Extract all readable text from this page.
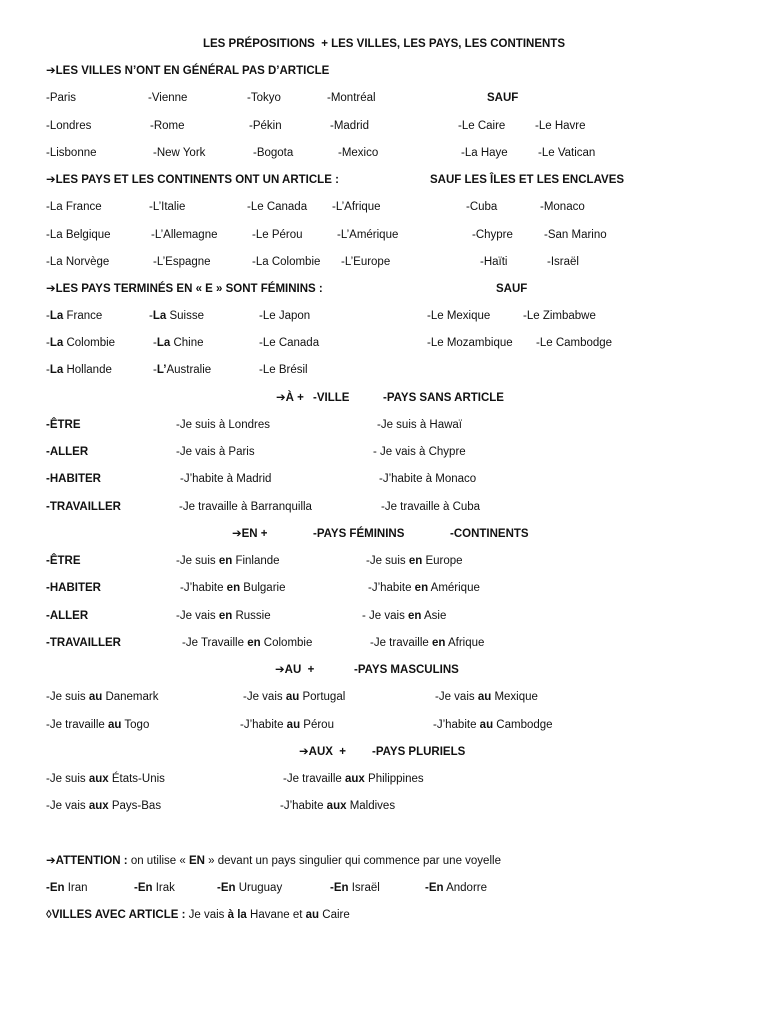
LES PRÉPOSITIONS  + LES VILLES, LES PAYS, LES CONTINENTS
➔LES VILLES N’ONT EN GÉNÉRAL PAS D’ARTICLE
-Paris	-Vienne	-Tokyo	-Montréal	SAUF
-Londres	-Rome	-Pékin	-Madrid	-Le Caire	-Le Havre
-Lisbonne	-New York	-Bogota	-Mexico	-La Haye	-Le Vatican
➔LES PAYS ET LES CONTINENTS ONT UN ARTICLE :	SAUF LES ÎLES ET LES ENCLAVES
-La France	-L’Italie	-Le Canada -L’Afrique	-Cuba	-Monaco
-La Belgique	-L’Allemagne	-Le Pérou	-L’Amérique	-Chypre	-San Marino
-La Norvège	-L’Espagne	-La Colombie -L’Europe	-Haïti	-Israël
➔LES PAYS TERMINÉS EN « E » SONT FÉMININS :	SAUF
-La France	-La Suisse	-Le Japon	-Le Mexique	-Le Zimbabwe
-La Colombie	-La Chine	-Le Canada	-Le Mozambique -Le Cambodge
-La Hollande	-L’Australie	-Le Brésil
➔À + -VILLE	-PAYS SANS ARTICLE
-ÊTRE	-Je suis à Londres	-Je suis à Hawaï
-ALLER	-Je vais à Paris	- Je vais à Chypre
-HABITER	-J’habite à Madrid	-J’habite à Monaco
-TRAVAILLER	-Je travaille à Barranquilla	-Je travaille à Cuba
➔EN +	-PAYS FÉMININS	-CONTINENTS
-ÊTRE	-Je suis en Finlande	-Je suis en Europe
-HABITER	-J’habite en Bulgarie	-J’habite en Amérique
-ALLER	-Je vais en Russie	- Je vais en Asie
-TRAVAILLER	-Je Travaille en Colombie	-Je travaille en Afrique
➔AU  +	-PAYS MASCULINS
-Je suis au Danemark	-Je vais au Portugal	-Je vais au Mexique
-Je travaille au Togo	-J’habite au Pérou	-J’habite au Cambodge
➔AUX  + -PAYS PLURIELS
-Je suis aux États-Unis	-Je travaille aux Philippines
-Je vais aux Pays-Bas	-J’habite aux Maldives
➔ATTENTION : on utilise « EN » devant un pays singulier qui commence par une voyelle
-En Iran	-En Irak	-En Uruguay	-En Israël	-En Andorre
◊VILLES AVEC ARTICLE : Je vais à la Havane et au Caire
